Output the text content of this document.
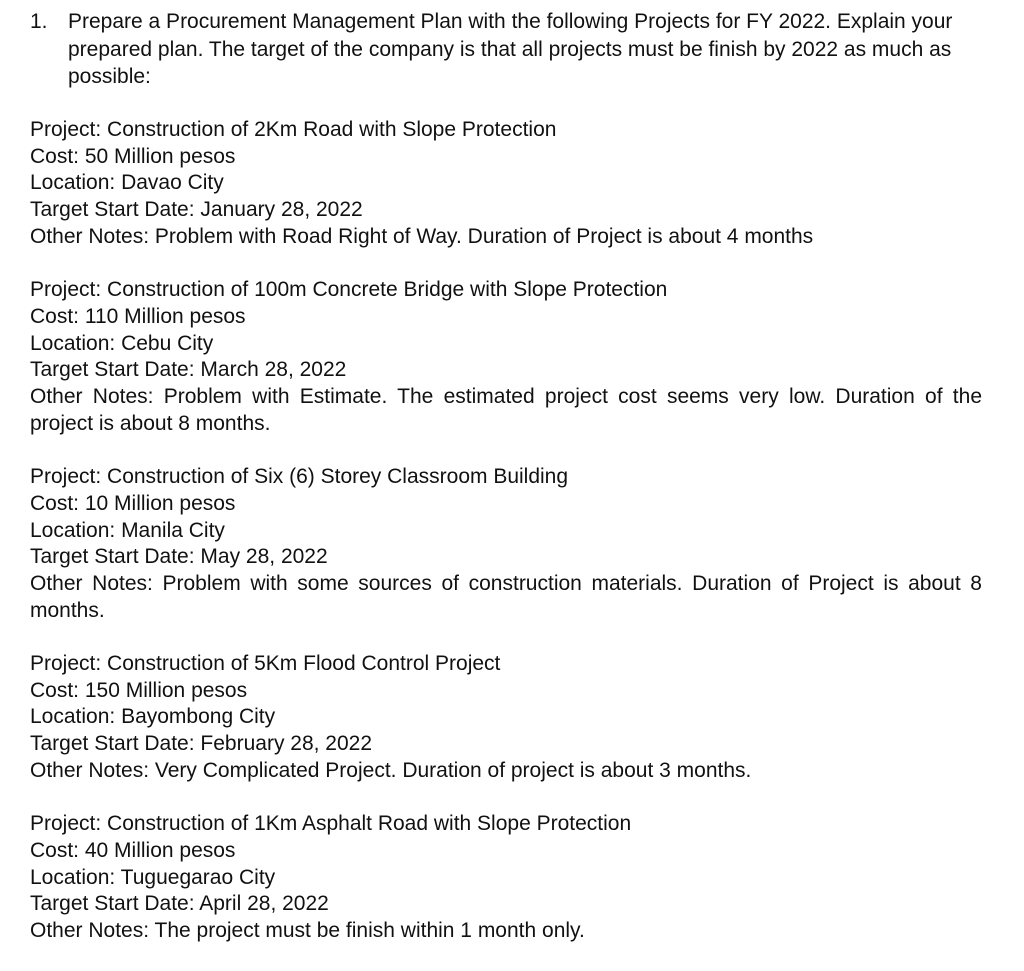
1. Prepare a Procurement Management Plan with the following Projects for FY 2022. Explain your prepared plan. The target of the company is that all projects must be finish by 2022 as much as possible:
Project: Construction of 2Km Road with Slope Protection
Cost: 50 Million pesos
Location: Davao City
Target Start Date: January 28, 2022
Other Notes: Problem with Road Right of Way. Duration of Project is about 4 months
Project: Construction of 100m Concrete Bridge with Slope Protection
Cost: 110 Million pesos
Location: Cebu City
Target Start Date: March 28, 2022
Other Notes: Problem with Estimate. The estimated project cost seems very low. Duration of the project is about 8 months.
Project: Construction of Six (6) Storey Classroom Building
Cost: 10 Million pesos
Location: Manila City
Target Start Date: May 28, 2022
Other Notes: Problem with some sources of construction materials. Duration of Project is about 8 months.
Project: Construction of 5Km Flood Control Project
Cost: 150 Million pesos
Location: Bayombong City
Target Start Date: February 28, 2022
Other Notes: Very Complicated Project. Duration of project is about 3 months.
Project: Construction of 1Km Asphalt Road with Slope Protection
Cost: 40 Million pesos
Location: Tuguegarao City
Target Start Date: April 28, 2022
Other Notes: The project must be finish within 1 month only.
